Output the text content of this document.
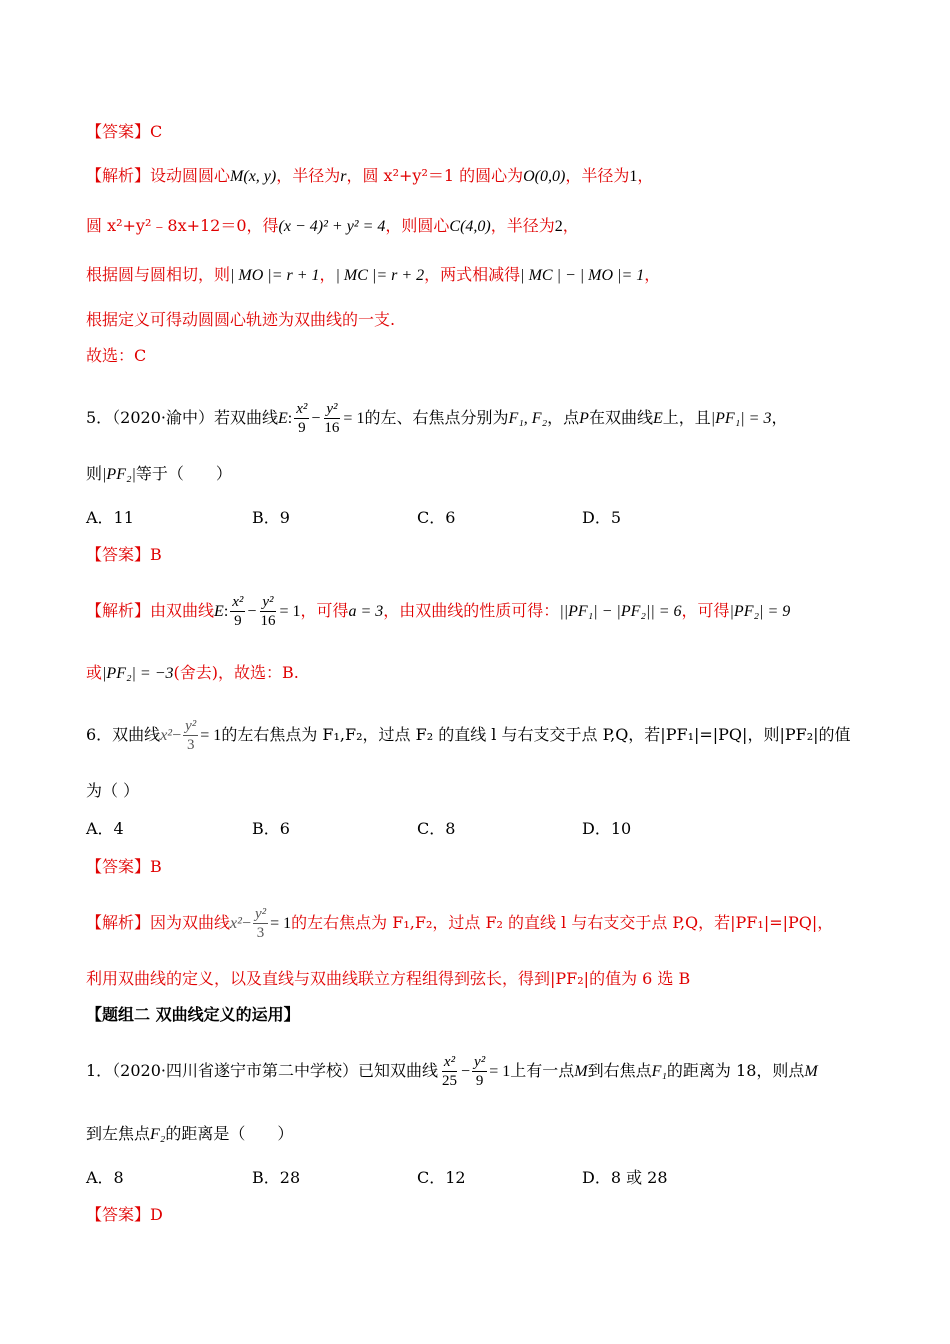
【答案】C
【解析】设动圆圆心M(x, y)，半径为r，圆 x²+y²＝1 的圆心为O(0,0)，半径为1，
圆 x²+y²﹣8x+12＝0，得(x − 4)² + y² = 4，则圆心C(4,0)，半径为2，
根据圆与圆相切，则| MO |= r + 1，| MC |= r + 2，两式相减得| MC | − | MO |= 1，
根据定义可得动圆圆心轨迹为双曲线的一支.
故选：C
5．（2020·渝中）若双曲线E: $\frac{\text{x²}}{9} - \frac{\text{y²}}{16} = 1$的左、右焦点分别为F₁, F₂，点P在双曲线E上，且|PF₁| = 3，
则|PF₂|等于（　　）
A．11	B．9	C．6	D．5
【答案】B
【解析】由双曲线E: $\frac{\text{x²}}{9} - \frac{\text{y²}}{16} = 1$，可得a = 3，由双曲线的性质可得：||PF₁| − |PF₂|| = 6，可得|PF₂| = 9
或|PF₂| = −3(舍去)，故选：B.
6．双曲线$x^2- \frac{\text{y²}}{3} = 1$的左右焦点为 F₁,F₂，过点 F₂ 的直线 l 与右支交于点 P,Q，若|PF₁|=|PQ|，则|PF₂|的值
为（ ）
A．4	B．6	C．8	D．10
【答案】B
【解析】因为双曲线$x^2- \frac{\text{y²}}{3} = 1$的左右焦点为 F₁,F₂，过点 F₂ 的直线 l 与右支交于点 P,Q，若|PF₁|=|PQ|，
利用双曲线的定义，以及直线与双曲线联立方程组得到弦长，得到|PF₂|的值为 6 选 B
【题组二 双曲线定义的运用】
1．（2020·四川省遂宁市第二中学校）已知双曲线 $\frac{\text{x²}}{25} - \frac{\text{y²}}{9} = 1$上有一点M到右焦点F₁的距离为 18，则点M
到左焦点F₂的距离是（　　）
A．8	B．28	C．12	D．8 或 28
【答案】D
